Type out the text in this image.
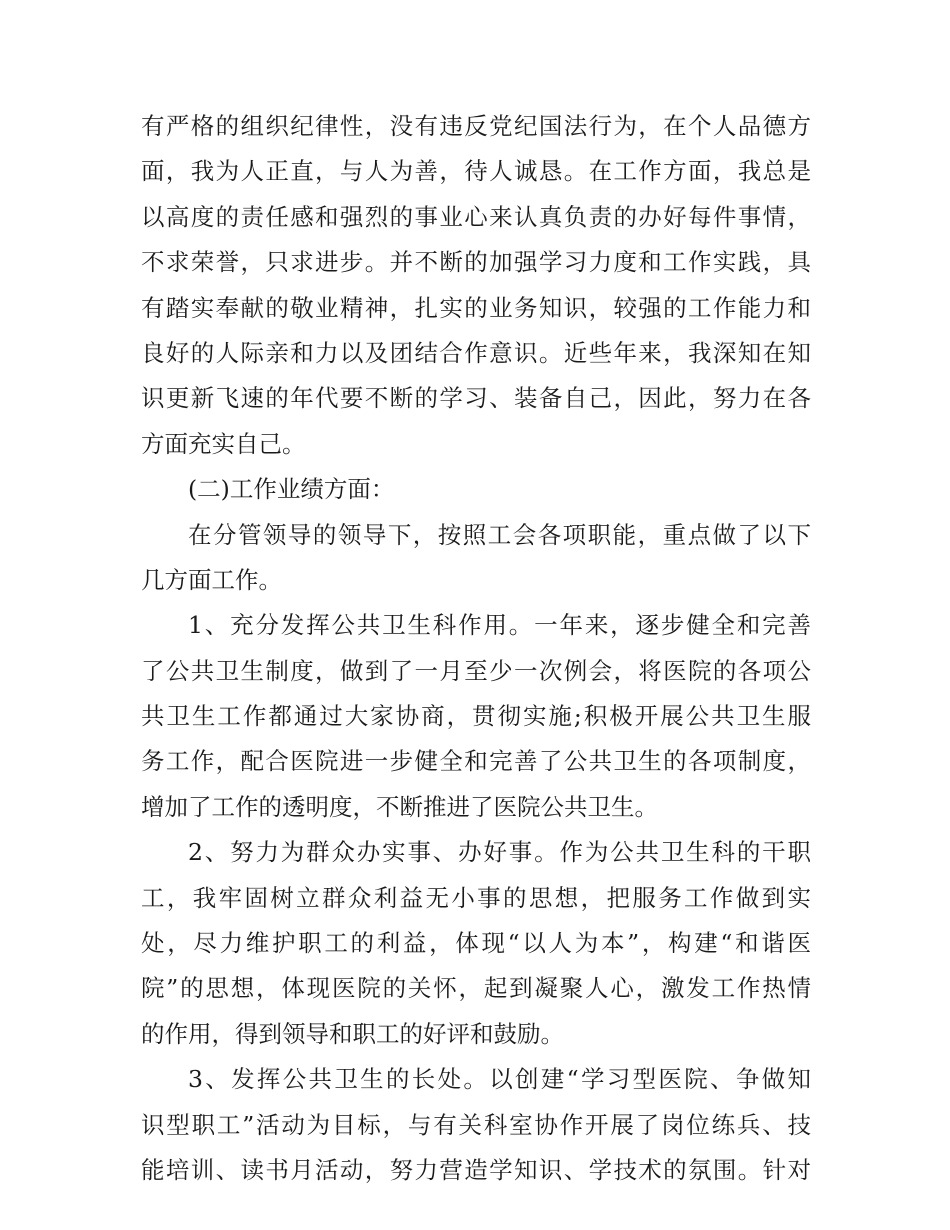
有严格的组织纪律性，没有违反党纪国法行为，在个人品德方
面，我为人正直，与人为善，待人诚恳。在工作方面，我总是
以高度的责任感和强烈的事业心来认真负责的办好每件事情，
不求荣誉，只求进步。并不断的加强学习力度和工作实践，具
有踏实奉献的敬业精神，扎实的业务知识，较强的工作能力和
良好的人际亲和力以及团结合作意识。近些年来，我深知在知
识更新飞速的年代要不断的学习、装备自己，因此，努力在各
方面充实自己。
(二)工作业绩方面：
在分管领导的领导下，按照工会各项职能，重点做了以下
几方面工作。
1、充分发挥公共卫生科作用。一年来，逐步健全和完善
了公共卫生制度，做到了一月至少一次例会，将医院的各项公
共卫生工作都通过大家协商，贯彻实施;积极开展公共卫生服
务工作，配合医院进一步健全和完善了公共卫生的各项制度，
增加了工作的透明度，不断推进了医院公共卫生。
2、努力为群众办实事、办好事。作为公共卫生科的干职
工，我牢固树立群众利益无小事的思想，把服务工作做到实
处，尽力维护职工的利益，体现“以人为本”，构建“和谐医
院”的思想，体现医院的关怀，起到凝聚人心，激发工作热情
的作用，得到领导和职工的好评和鼓励。
3、发挥公共卫生的长处。以创建“学习型医院、争做知
识型职工”活动为目标，与有关科室协作开展了岗位练兵、技
能培训、读书月活动，努力营造学知识、学技术的氛围。针对
